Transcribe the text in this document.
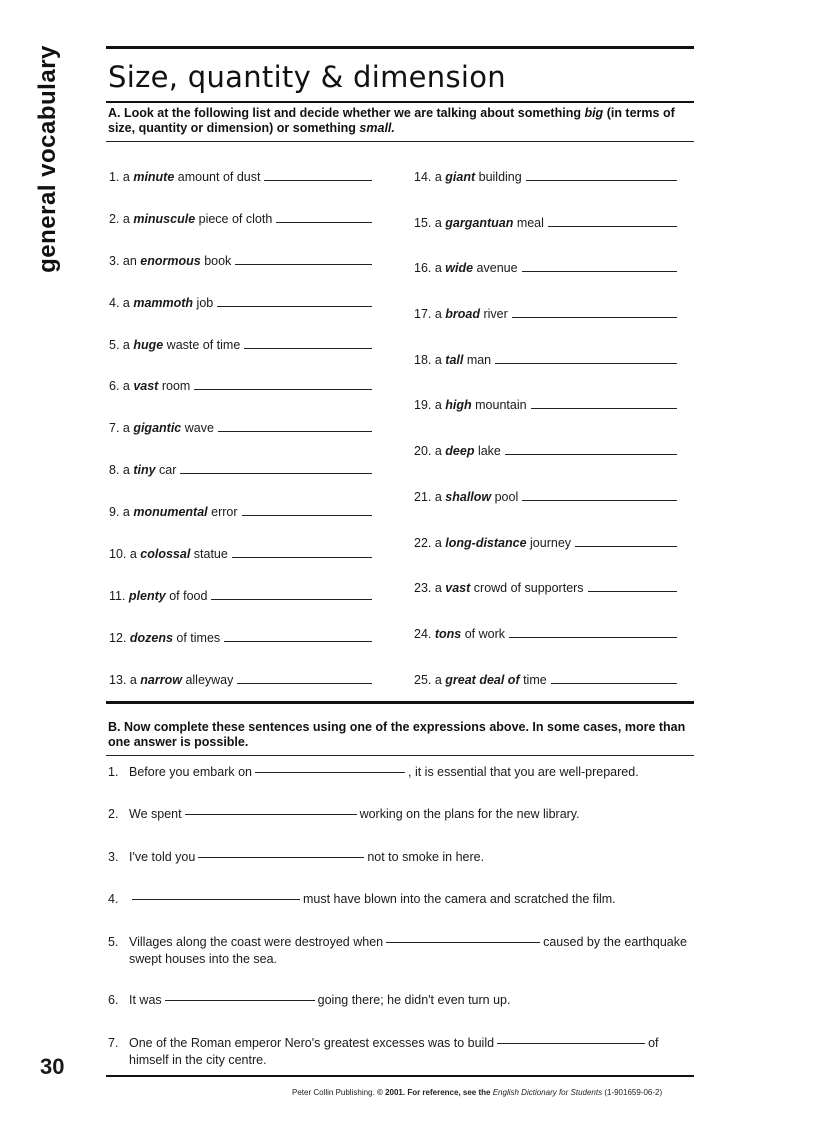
general vocabulary Size, quantity & dimension
A. Look at the following list and decide whether we are talking about something big (in terms of size, quantity or dimension) or something small.
1. a minute amount of dust
2. a minuscule piece of cloth
3. an enormous book
4. a mammoth job
5. a huge waste of time
6. a vast room
7. a gigantic wave
8. a tiny car
9. a monumental error
10. a colossal statue
11. plenty of food
12. dozens of times
13. a narrow alleyway
14. a giant building
15. a gargantuan meal
16. a wide avenue
17. a broad river
18. a tall man
19. a high mountain
20. a deep lake
21. a shallow pool
22. a long-distance journey
23. a vast crowd of supporters
24. tons of work
25. a great deal of time
B. Now complete these sentences using one of the expressions above. In some cases, more than one answer is possible.
1. Before you embark on	, it is essential that you are well-prepared.
2. We spent	working on the plans for the new library.
3. I've told you	not to smoke in here.
4.	must have blown into the camera and scratched the film.
5. Villages along the coast were destroyed when	caused by the earthquake
swept houses into the sea.
6. It was	going there; he didn't even turn up.
7. One of the Roman emperor Nero's greatest excesses was to build	of
himself in the city centre.
30
Peter Collin Publishing. © 2001. For reference, see the English Dictionary for Students (1-901659-06-2)
